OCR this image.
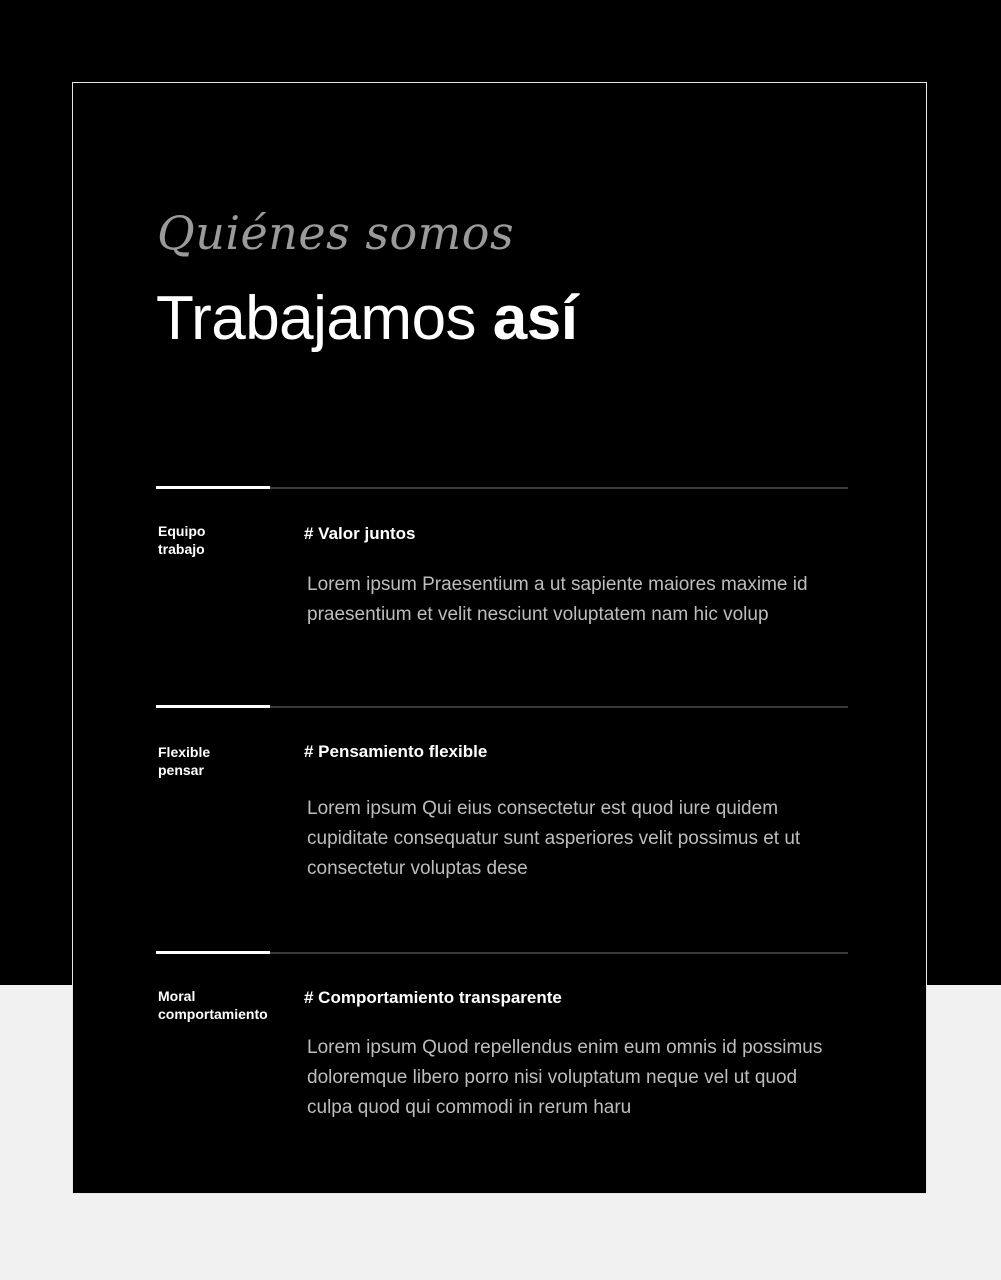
Quiénes somos
Trabajamos así
Equipo
trabajo
# Valor juntos
Lorem ipsum Praesentium a ut sapiente maiores maxime id praesentium et velit nesciunt voluptatem nam hic volup
Flexible
pensar
# Pensamiento flexible
Lorem ipsum Qui eius consectetur est quod iure quidem cupiditate consequatur sunt asperiores velit possimus et ut consectetur voluptas dese
Moral
comportamiento
# Comportamiento transparente
Lorem ipsum Quod repellendus enim eum omnis id possimus doloremque libero porro nisi voluptatum neque vel ut quod culpa quod qui commodi in rerum haru
